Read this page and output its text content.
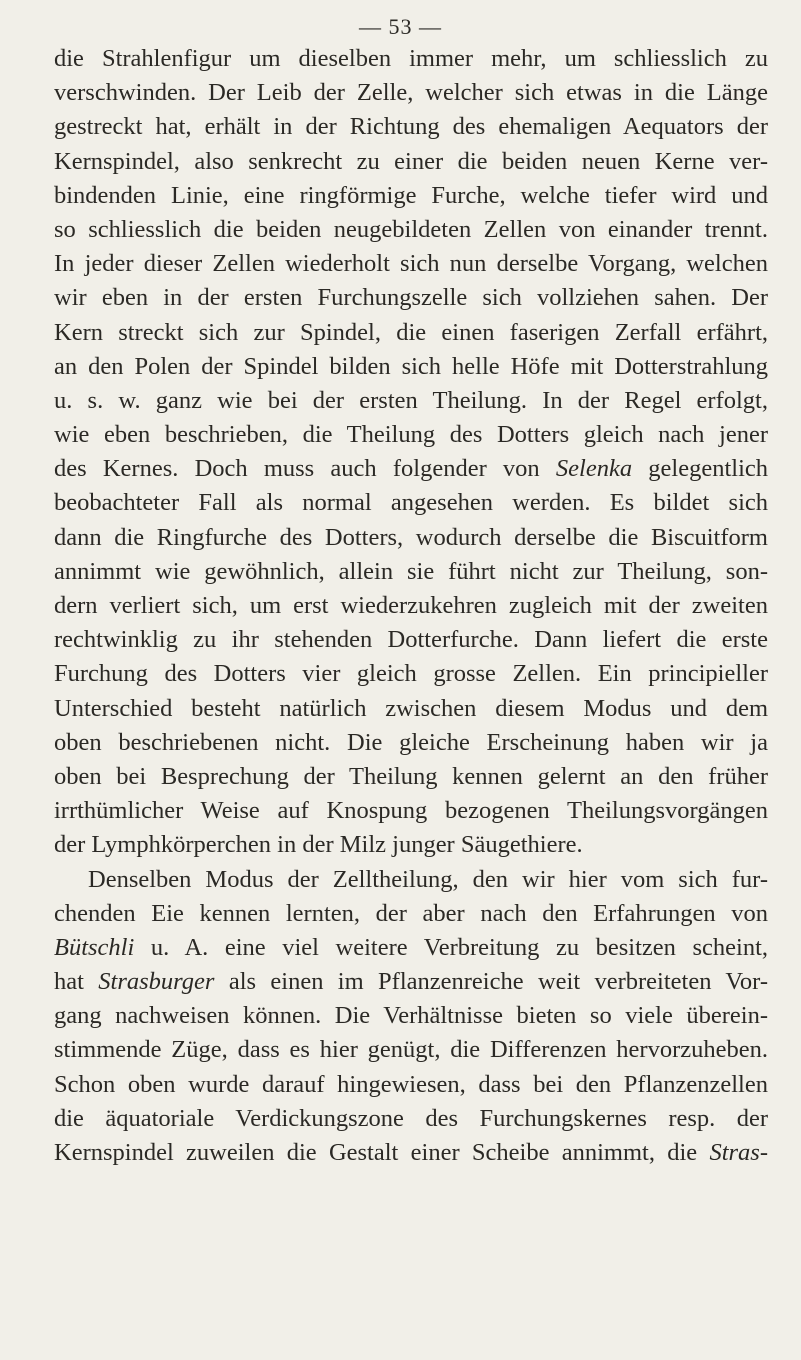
— 53 —
die Strahlenfigur um dieselben immer mehr, um schliesslich zu
verschwinden. Der Leib der Zelle, welcher sich etwas in die Länge
gestreckt hat, erhält in der Richtung des ehemaligen Aequators der
Kernspindel, also senkrecht zu einer die beiden neuen Kerne ver-
bindenden Linie, eine ringförmige Furche, welche tiefer wird und
so schliesslich die beiden neugebildeten Zellen von einander trennt.
In jeder dieser Zellen wiederholt sich nun derselbe Vorgang, welchen
wir eben in der ersten Furchungszelle sich vollziehen sahen. Der
Kern streckt sich zur Spindel, die einen faserigen Zerfall erfährt,
an den Polen der Spindel bilden sich helle Höfe mit Dotterstrahlung
u. s. w. ganz wie bei der ersten Theilung. In der Regel erfolgt,
wie eben beschrieben, die Theilung des Dotters gleich nach jener
des Kernes. Doch muss auch folgender von Selenka gelegentlich
beobachteter Fall als normal angesehen werden. Es bildet sich
dann die Ringfurche des Dotters, wodurch derselbe die Biscuitform
annimmt wie gewöhnlich, allein sie führt nicht zur Theilung, son-
dern verliert sich, um erst wiederzukehren zugleich mit der zweiten
rechtwinklig zu ihr stehenden Dotterfurche. Dann liefert die erste
Furchung des Dotters vier gleich grosse Zellen. Ein principieller
Unterschied besteht natürlich zwischen diesem Modus und dem
oben beschriebenen nicht. Die gleiche Erscheinung haben wir ja
oben bei Besprechung der Theilung kennen gelernt an den früher
irrthümlicher Weise auf Knospung bezogenen Theilungsvorgängen
der Lymphkörperchen in der Milz junger Säugethiere.
Denselben Modus der Zelltheilung, den wir hier vom sich fur-
chenden Eie kennen lernten, der aber nach den Erfahrungen von
Bütschli u. A. eine viel weitere Verbreitung zu besitzen scheint,
hat Strasburger als einen im Pflanzenreiche weit verbreiteten Vor-
gang nachweisen können. Die Verhältnisse bieten so viele überein-
stimmende Züge, dass es hier genügt, die Differenzen hervorzuheben.
Schon oben wurde darauf hingewiesen, dass bei den Pflanzenzellen
die äquatoriale Verdickungszone des Furchungskernes resp. der
Kernspindel zuweilen die Gestalt einer Scheibe annimmt, die Stras-
